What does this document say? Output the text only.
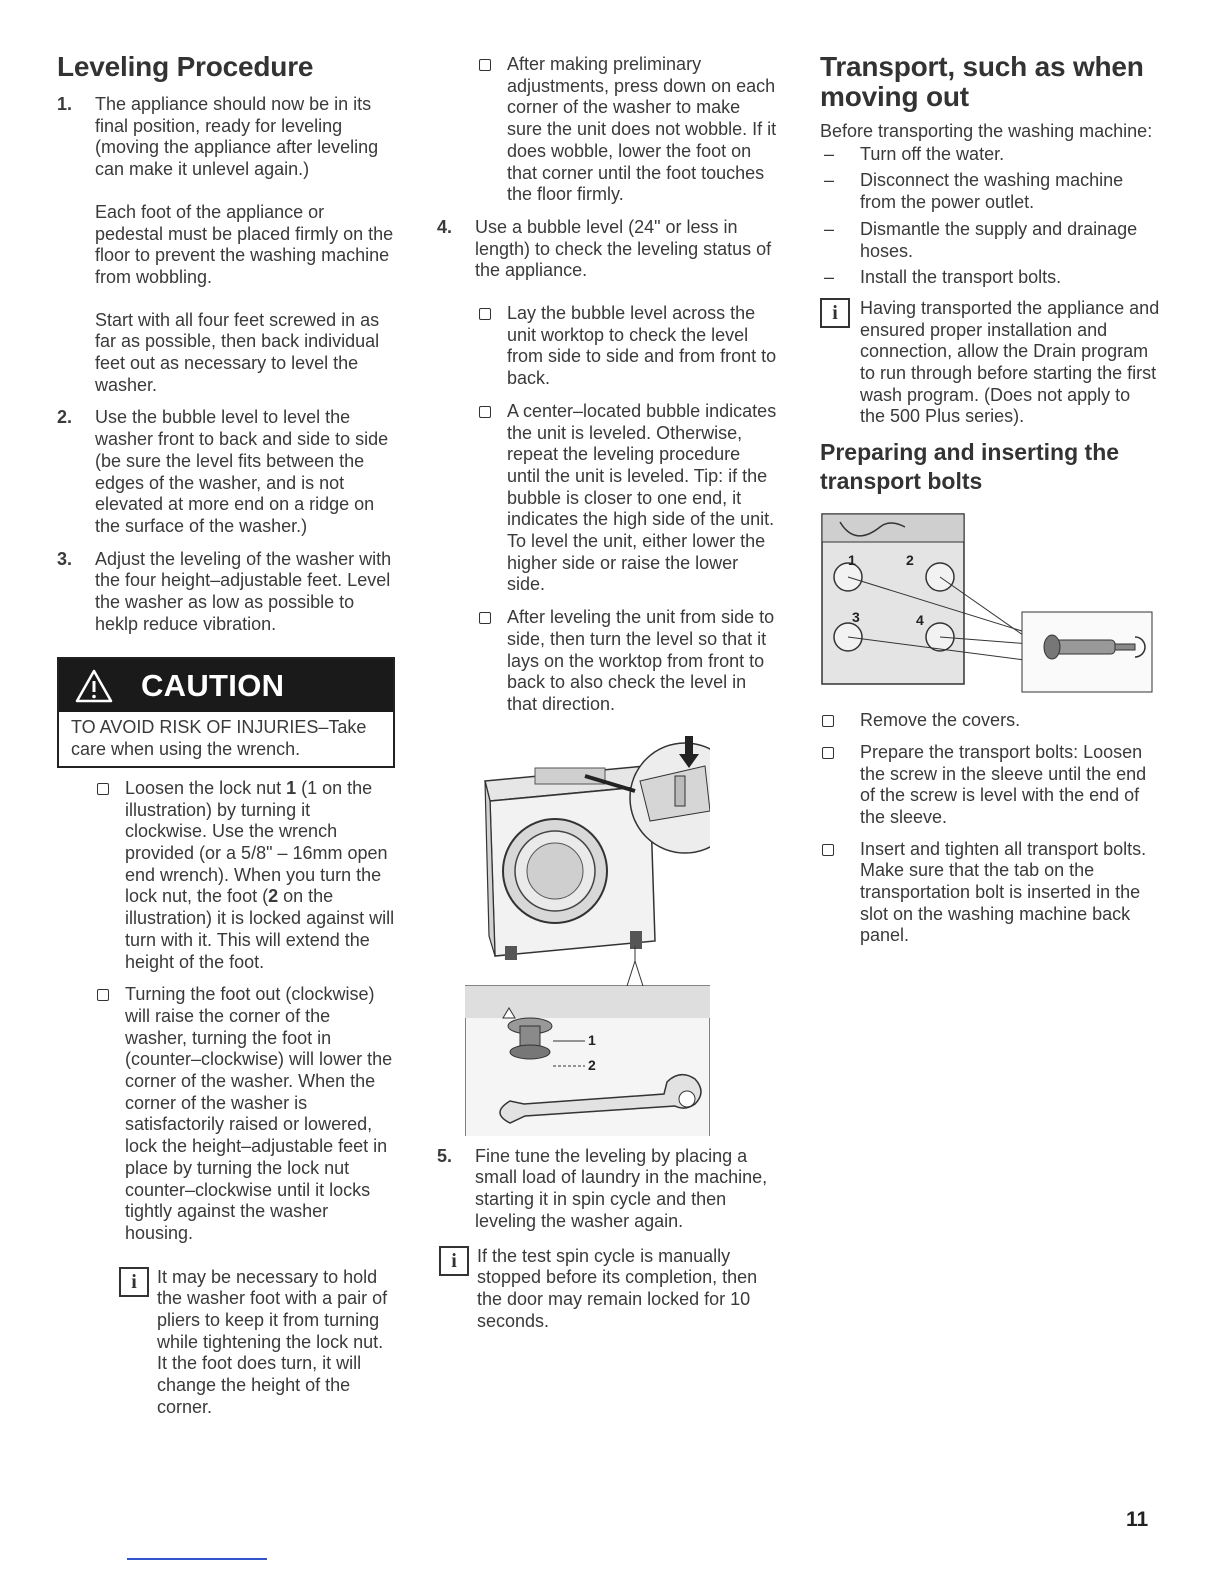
Leveling Procedure
1. The appliance should now be in its final position, ready for leveling (moving the appliance after leveling can make it unlevel again.)
Each foot of the appliance or pedestal must be placed firmly on the floor to prevent the washing machine from wobbling.
Start with all four feet screwed in as far as possible, then back individual feet out as necessary to level the washer.
2. Use the bubble level to level the washer front to back and side to side (be sure the level fits between the edges of the washer, and is not elevated at more end on a ridge on the surface of the washer.)
3. Adjust the leveling of the washer with the four height–adjustable feet. Level the washer as low as possible to heklp reduce vibration.
CAUTION
TO AVOID RISK OF INJURIES–Take care when using the wrench.
Loosen the lock nut 1 (1 on the illustration) by turning it clockwise. Use the wrench provided (or a 5/8" – 16mm open end wrench). When you turn the lock nut, the foot (2 on the illustration) it is locked against will turn with it. This will extend the height of the foot.
Turning the foot out (clockwise) will raise the corner of the washer, turning the foot in (counter–clockwise) will lower the corner of the washer. When the corner of the washer is satisfactorily raised or lowered, lock the height–adjustable feet in place by turning the lock nut counter–clockwise until it locks tightly against the washer housing.
i	It may be necessary to hold the washer foot with a pair of pliers to keep it from turning while tightening the lock nut. It the foot does turn, it will change the height of the corner.
After making preliminary adjustments, press down on each corner of the washer to make sure the unit does not wobble. If it does wobble, lower the foot on that corner until the foot touches the floor firmly.
4. Use a bubble level (24" or less in length) to check the leveling status of the appliance.
Lay the bubble level across the unit worktop to check the level from side to side and from front to back.
A center–located bubble indicates the unit is leveled. Otherwise, repeat the leveling procedure until the unit is leveled. Tip: if the bubble is closer to one end, it indicates the high side of the unit. To level the unit, either lower the higher side or raise the lower side.
After leveling the unit from side to side, then turn the level so that it lays on the worktop from front to back to also check the level in that direction.
1
2
5. Fine tune the leveling by placing a small load of laundry in the machine, starting it in spin cycle and then leveling the washer again.
i	If the test spin cycle is manually stopped before its completion, then the door may remain locked for 10 seconds.
Transport, such as when moving out
Before transporting the washing machine:
– Turn off the water.
– Disconnect the washing machine from the power outlet.
– Dismantle the supply and drainage hoses.
– Install the transport bolts.
i	Having transported the appliance and ensured proper installation and connection, allow the Drain program to run through before starting the first wash program. (Does not apply to the 500 Plus series).
Preparing and inserting the transport bolts
1	2
3	4
Remove the covers.
Prepare the transport bolts: Loosen the screw in the sleeve until the end of the screw is level with the end of the sleeve.
Insert and tighten all transport bolts. Make sure that the tab on the transportation bolt is inserted in the slot on the washing machine back panel.
11
